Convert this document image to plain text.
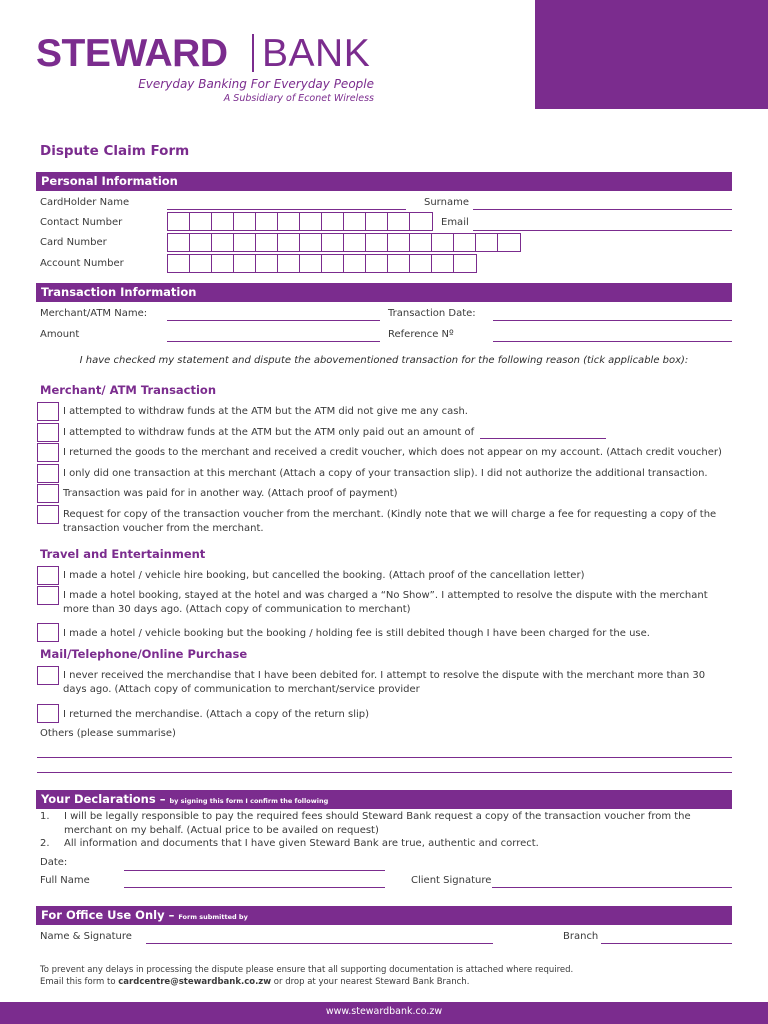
STEWARD BANK
Everyday Banking For Everyday People
A Subsidiary of Econet Wireless
Dispute Claim Form
Personal Information
CardHolder Name	Surname
Contact Number	Email
Card Number
Account Number
Transaction Information
Merchant/ATM Name:	Transaction Date:
Amount	Reference Nº
I have checked my statement and dispute the abovementioned transaction for the following reason (tick applicable box):
Merchant/ ATM Transaction
I attempted to withdraw funds at the ATM but the ATM did not give me any cash.
I attempted to withdraw funds at the ATM but the ATM only paid out an amount of
I returned the goods to the merchant and received a credit voucher, which does not appear on my account. (Attach credit voucher)
I only did one transaction at this merchant (Attach a copy of your transaction slip). I did not authorize the additional transaction.
Transaction was paid for in another way. (Attach proof of payment)
Request for copy of the transaction voucher from the merchant. (Kindly note that we will charge a fee for requesting a copy of the transaction voucher from the merchant.
Travel and Entertainment
I made a hotel / vehicle hire booking, but cancelled the booking. (Attach proof of the cancellation letter)
I made a hotel booking, stayed at the hotel and was charged a “No Show”. I attempted to resolve the dispute with the merchant more than 30 days ago. (Attach copy of communication to merchant)
I made a hotel / vehicle booking but the booking / holding fee is still debited though I have been charged for the use.
Mail/Telephone/Online Purchase
I never received the merchandise that I have been debited for. I attempt to resolve the dispute with the merchant more than 30 days ago. (Attach copy of communication to merchant/service provider
I returned the merchandise. (Attach a copy of the return slip)
Others (please summarise)
Your Declarations – by signing this form I confirm the following
1. I will be legally responsible to pay the required fees should Steward Bank request a copy of the transaction voucher from the merchant on my behalf. (Actual price to be availed on request)
2. All information and documents that I have given Steward Bank are true, authentic and correct.
Date:
Full Name	Client Signature
For Office Use Only – Form submitted by
Name & Signature	Branch
To prevent any delays in processing the dispute please ensure that all supporting documentation is attached where required.
Email this form to cardcentre@stewardbank.co.zw or drop at your nearest Steward Bank Branch.
www.stewardbank.co.zw
